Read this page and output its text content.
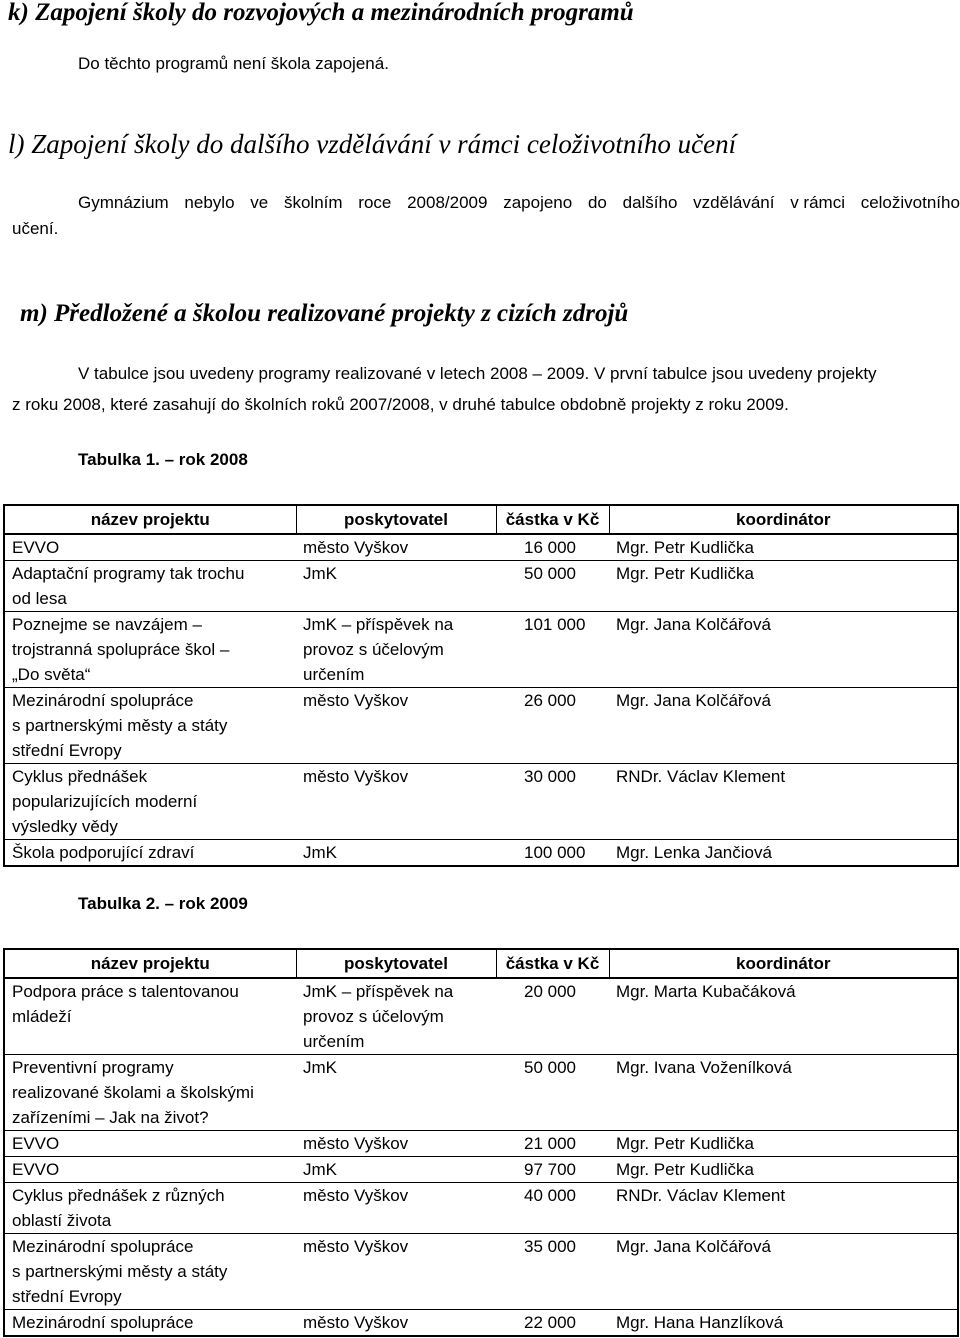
k) Zapojení školy do rozvojových a mezinárodních programů

Do těchto programů není škola zapojená.

l) Zapojení školy do dalšího vzdělávání v rámci celoživotního učení

Gymnázium nebylo ve školním roce 2008/2009 zapojeno do dalšího vzdělávání v rámci celoživotního

učení.

m) Předložené a školou realizované projekty z cizích zdrojů

V tabulce jsou uvedeny programy realizované v letech 2008 – 2009. V první tabulce jsou uvedeny projekty

z roku 2008, které zasahují do školních roků 2007/2008, v druhé tabulce obdobně projekty z roku 2009.

Tabulka 1. – rok 2008

název projektu	poskytovatel	částka v Kč	koordinátor
EVVO	město Vyškov	16 000	Mgr. Petr Kudlička
Adaptační programy tak trochu
od lesa	JmK	50 000	Mgr. Petr Kudlička
Poznejme se navzájem –
trojstranná spolupráce škol –
„Do světa“	JmK – příspěvek na
provoz s účelovým
určením	101 000	Mgr. Jana Kolčářová
Mezinárodní spolupráce
s partnerskými městy a státy
střední Evropy	město Vyškov	26 000	Mgr. Jana Kolčářová
Cyklus přednášek
popularizujících moderní
výsledky vědy	město Vyškov	30 000	RNDr. Václav Klement
Škola podporující zdraví	JmK	100 000	Mgr. Lenka Jančiová

Tabulka 2. – rok 2009

název projektu	poskytovatel	částka v Kč	koordinátor
Podpora práce s talentovanou
mládeží	JmK – příspěvek na
provoz s účelovým
určením	20 000	Mgr. Marta Kubačáková
Preventivní programy
realizované školami a školskými
zařízeními – Jak na život?	JmK	50 000	Mgr. Ivana Voženílková
EVVO	město Vyškov	21 000	Mgr. Petr Kudlička
EVVO	JmK	97 700	Mgr. Petr Kudlička
Cyklus přednášek z různých
oblastí života	město Vyškov	40 000	RNDr. Václav Klement
Mezinárodní spolupráce
s partnerskými městy a státy
střední Evropy	město Vyškov	35 000	Mgr. Jana Kolčářová
Mezinárodní spolupráce	město Vyškov	22 000	Mgr. Hana Hanzlíková
